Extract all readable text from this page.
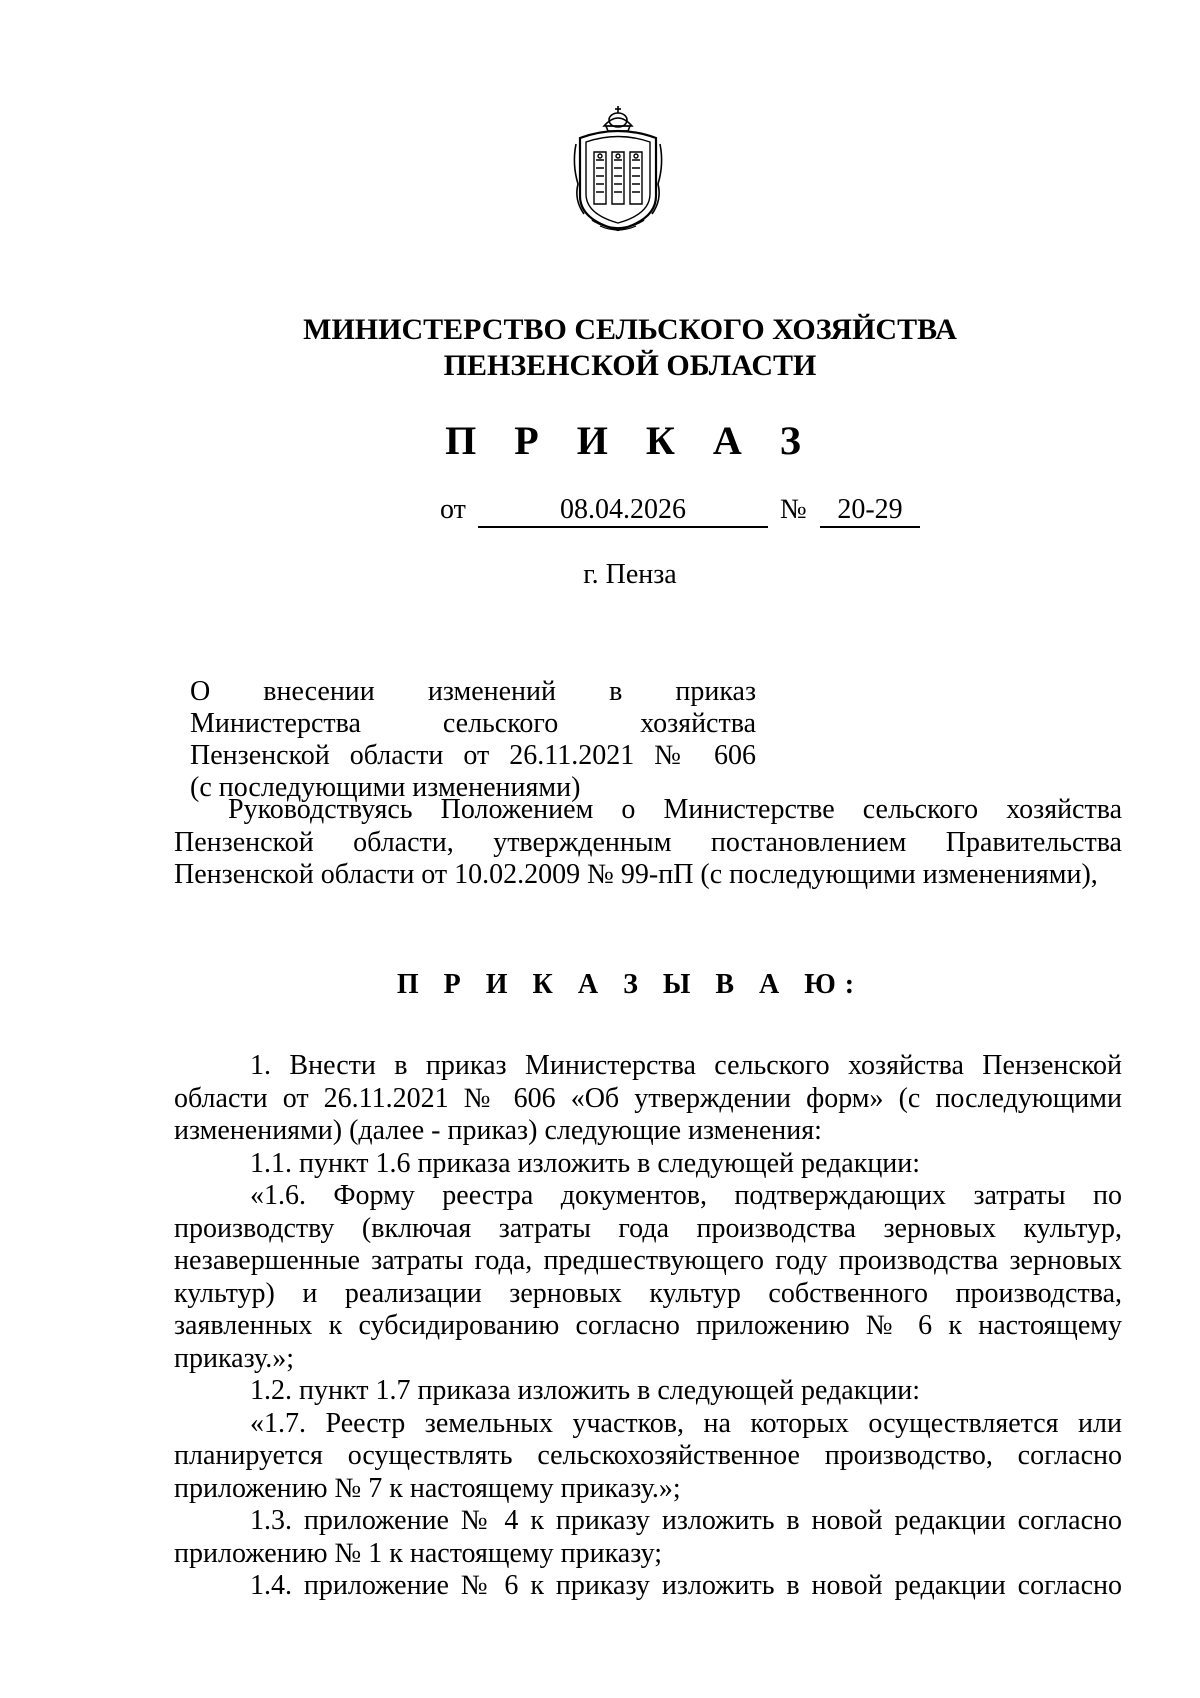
МИНИСТЕРСТВО СЕЛЬСКОГО ХОЗЯЙСТВА
ПЕНЗЕНСКОЙ ОБЛАСТИ
П Р И К А З
от	08.04.2026	№	20-29
г. Пенза
О внесении изменений в приказ
Министерства сельского хозяйства
Пензенской области от 26.11.2021 № 606
(с последующими изменениями)
Руководствуясь Положением о Министерстве сельского хозяйства
Пензенской области, утвержденным постановлением Правительства
Пензенской области от 10.02.2009 № 99-пП (с последующими изменениями),
П Р И К А З Ы В А Ю:
1. Внести в приказ Министерства сельского хозяйства Пензенской
области от 26.11.2021 № 606 «Об утверждении форм» (с последующими
изменениями) (далее - приказ) следующие изменения:
1.1. пункт 1.6 приказа изложить в следующей редакции:
«1.6. Форму реестра документов, подтверждающих затраты по
производству (включая затраты года производства зерновых культур,
незавершенные затраты года, предшествующего году производства зерновых
культур) и реализации зерновых культур собственного производства,
заявленных к субсидированию согласно приложению № 6 к настоящему
приказу.»;
1.2. пункт 1.7 приказа изложить в следующей редакции:
«1.7. Реестр земельных участков, на которых осуществляется или
планируется осуществлять сельскохозяйственное производство, согласно
приложению № 7 к настоящему приказу.»;
1.3. приложение № 4 к приказу изложить в новой редакции согласно
приложению № 1 к настоящему приказу;
1.4. приложение № 6 к приказу изложить в новой редакции согласно
